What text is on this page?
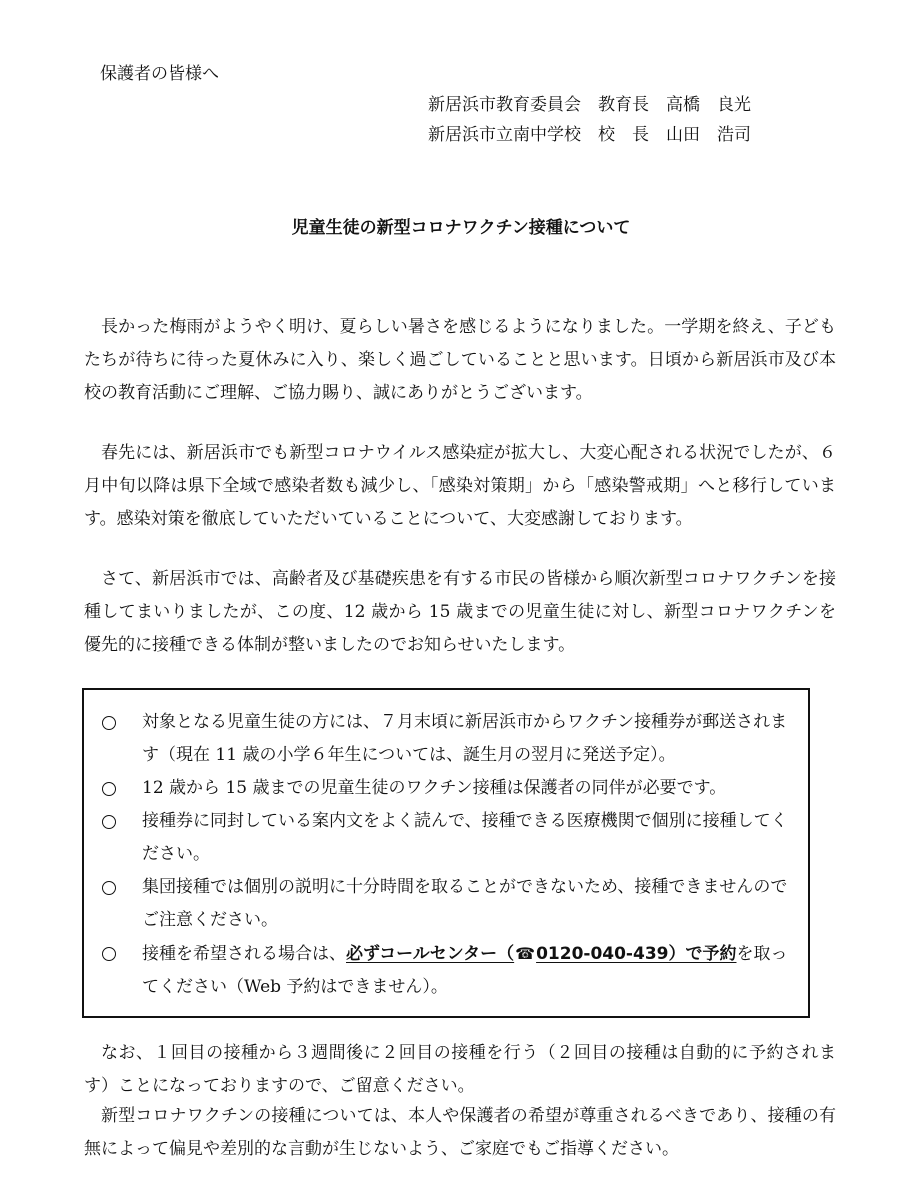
保護者の皆様へ
新居浜市教育委員会　教育長　高橋　良光
新居浜市立南中学校　校　長　山田　浩司
児童生徒の新型コロナワクチン接種について

長かった梅雨がようやく明け、夏らしい暑さを感じるようになりました。一学期を終え、子どもたちが待ちに待った夏休みに入り、楽しく過ごしていることと思います。日頃から新居浜市及び本校の教育活動にご理解、ご協力賜り、誠にありがとうございます。

春先には、新居浜市でも新型コロナウイルス感染症が拡大し、大変心配される状況でしたが、６月中旬以降は県下全域で感染者数も減少し、「感染対策期」から「感染警戒期」へと移行しています。感染対策を徹底していただいていることについて、大変感謝しております。

さて、新居浜市では、高齢者及び基礎疾患を有する市民の皆様から順次新型コロナワクチンを接種してまいりましたが、この度、12 歳から 15 歳までの児童生徒に対し、新型コロナワクチンを優先的に接種できる体制が整いましたのでお知らせいたします。

対象となる児童生徒の方には、７月末頃に新居浜市からワクチン接種券が郵送されます（現在 11 歳の小学６年生については、誕生月の翌月に発送予定）。
12 歳から 15 歳までの児童生徒のワクチン接種は保護者の同伴が必要です。
接種券に同封している案内文をよく読んで、接種できる医療機関で個別に接種してください。
集団接種では個別の説明に十分時間を取ることができないため、接種できませんのでご注意ください。
接種を希望される場合は、必ずコールセンター（☎0120-040-439）で予約を取ってください（Web 予約はできません）。

なお、１回目の接種から３週間後に２回目の接種を行う（２回目の接種は自動的に予約されます）ことになっておりますので、ご留意ください。

新型コロナワクチンの接種については、本人や保護者の希望が尊重されるべきであり、接種の有無によって偏見や差別的な言動が生じないよう、ご家庭でもご指導ください。
